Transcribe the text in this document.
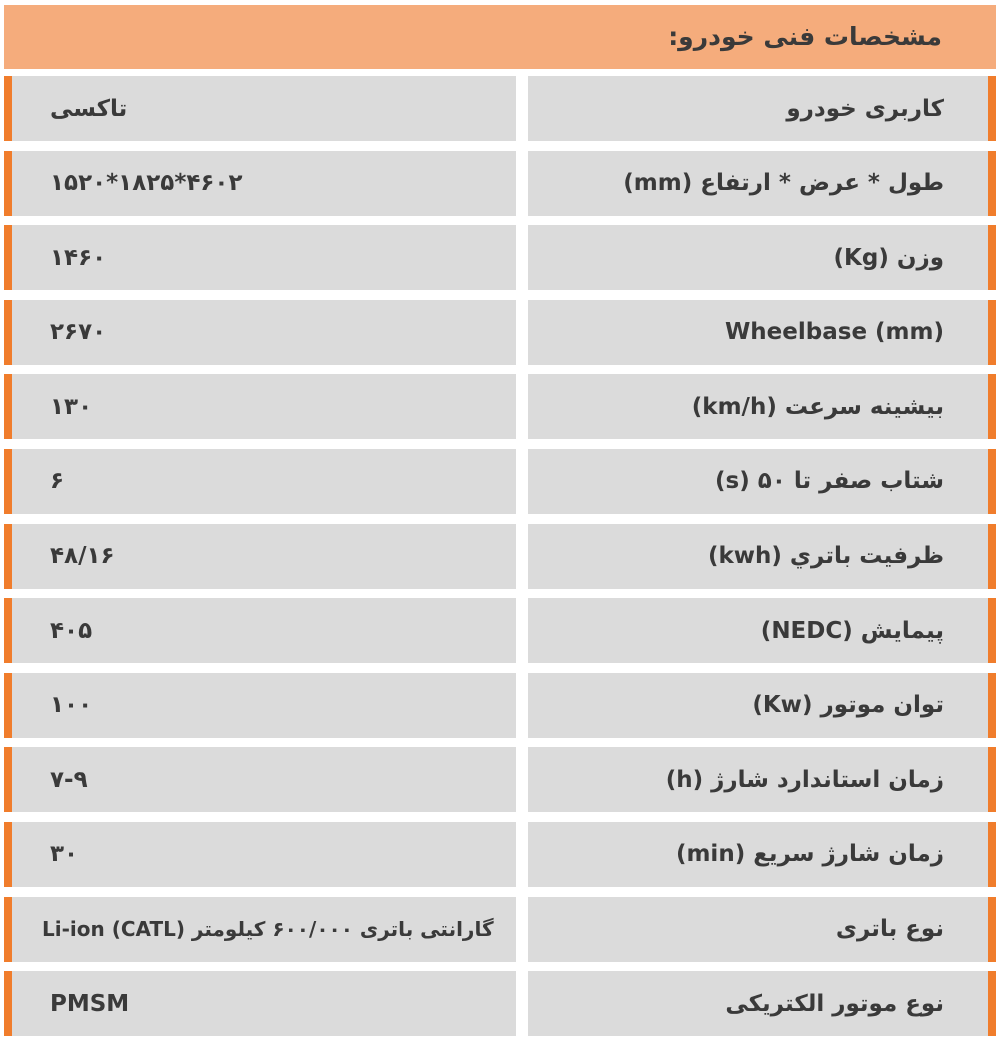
مشخصات فنی خودرو:
تاکسی	کاربری خودرو
۱۵۲۰*۱۸۲۵*۴۶۰۲	طول * عرض * ارتفاع (mm)
۱۴۶۰	وزن (Kg)
۲۶۷۰	Wheelbase (mm)
۱۳۰	بیشینه سرعت (km/h)
۶	شتاب صفر تا ۵۰ (s)
۴۸/۱۶	ظرفیت باتري (kwh)
۴۰۵	پیمایش (NEDC)
۱۰۰	توان موتور (Kw)
۷-۹	زمان استاندارد شارژ (h)
۳۰	زمان شارژ سریع (min)
گارانتی باتری ۶۰۰/۰۰۰ کیلومتر Li-ion (CATL)	نوع باتری
PMSM	نوع موتور الکتریکی
